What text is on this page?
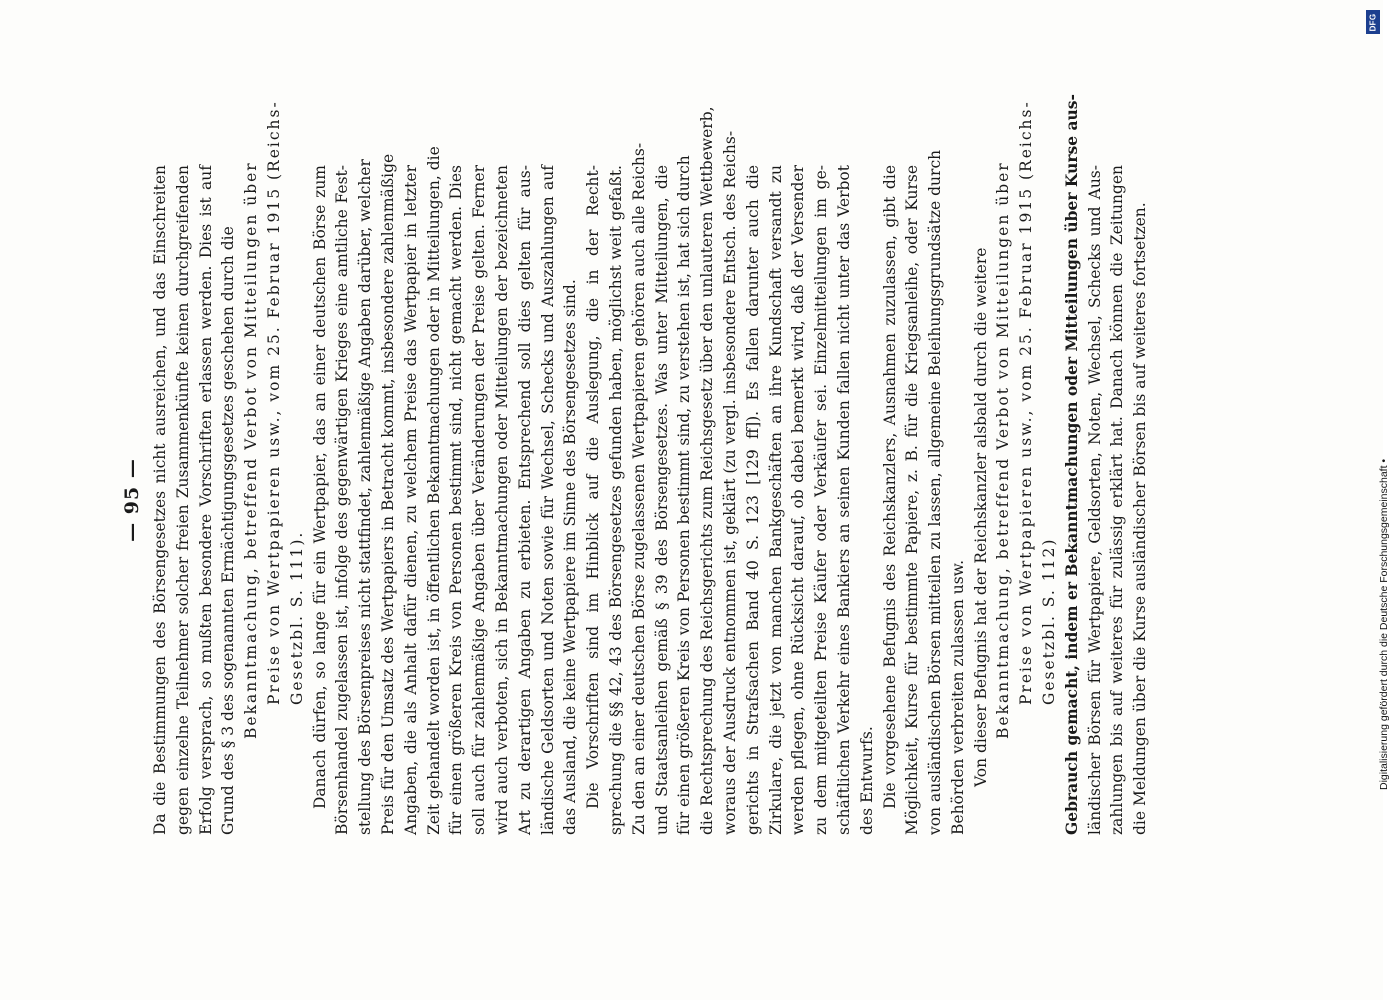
— 95 — Da die Bestimmungen des Börsengesetzes nicht ausreichen, und das Einschreiten gegen einzelne Teilnehmer solcher freien Zusammenkünfte keinen durchgreifenden Erfolg versprach, so mußten besondere Vorschriften erlassen werden. Dies ist auf Grund des § 3 des sogenannten Ermächtigungsgesetzes geschehen durch die Bekanntmachung, betreffend Verbot von Mitteilungen über Preise von Wertpapieren usw., vom 25. Februar 1915 (Reichs- Gesetzbl. S. 111). Danach dürfen, so lange für ein Wertpapier, das an einer deutschen Börse zum Börsenhandel zugelassen ist, infolge des gegenwärtigen Krieges eine amtliche Fest- stellung des Börsenpreises nicht stattfindet, zahlenmäßige Angaben darüber, welcher Preis für den Umsatz des Wertpapiers in Betracht kommt, insbesondere zahlenmäßige Angaben, die als Anhalt dafür dienen, zu welchem Preise das Wertpapier in letzter Zeit gehandelt worden ist, in öffentlichen Bekanntmachungen oder in Mitteilungen, die für einen größeren Kreis von Personen bestimmt sind, nicht gemacht werden. Dies soll auch für zahlenmäßige Angaben über Veränderungen der Preise gelten. Ferner wird auch verboten, sich in Bekanntmachungen oder Mitteilungen der bezeichneten Art zu derartigen Angaben zu erbieten. Entsprechend soll dies gelten für aus- ländische Geldsorten und Noten sowie für Wechsel, Schecks und Auszahlungen auf das Ausland, die keine Wertpapiere im Sinne des Börsengesetzes sind. Die Vorschriften sind im Hinblick auf die Auslegung, die in der Recht- sprechung die §§ 42, 43 des Börsengesetzes gefunden haben, möglichst weit gefaßt. Zu den an einer deutschen Börse zugelassenen Wertpapieren gehören auch alle Reichs- und Staatsanleihen gemäß § 39 des Börsengesetzes. Was unter Mitteilungen, die für einen größeren Kreis von Personen bestimmt sind, zu verstehen ist, hat sich durch die Rechtsprechung des Reichsgerichts zum Reichsgesetz über den unlauteren Wettbewerb, woraus der Ausdruck entnommen ist, geklärt (zu vergl. insbesondere Entsch. des Reichs- gerichts in Strafsachen Band 40 S. 123 [129 ff]). Es fallen darunter auch die Zirkulare, die jetzt von manchen Bankgeschäften an ihre Kundschaft versandt zu werden pflegen, ohne Rücksicht darauf, ob dabei bemerkt wird, daß der Versender zu dem mitgeteilten Preise Käufer oder Verkäufer sei. Einzelmitteilungen im ge- schäftlichen Verkehr eines Bankiers an seinen Kunden fallen nicht unter das Verbot des Entwurfs. Die vorgesehene Befugnis des Reichskanzlers, Ausnahmen zuzulassen, gibt die Möglichkeit, Kurse für bestimmte Papiere, z. B. für die Kriegsanleihe, oder Kurse von ausländischen Börsen mitteilen zu lassen, allgemeine Beleihungsgrundsätze durch Behörden verbreiten zulassen usw. Von dieser Befugnis hat der Reichskanzler alsbald durch die weitere Bekanntmachung, betreffend Verbot von Mitteilungen über Preise von Wertpapieren usw., vom 25. Februar 1915 (Reichs- Gesetzbl. S. 112) Gebrauch gemacht, indem er Bekanntmachungen oder Mitteilungen über Kurse aus- ländischer Börsen für Wertpapiere, Geldsorten, Noten, Wechsel, Schecks und Aus- zahlungen bis auf weiteres für zulässig erklärt hat. Danach können die Zeitungen die Meldungen über die Kurse ausländischer Börsen bis auf weiteres fortsetzen.	Digitalisierung gefördert durch die Deutsche Forschungsgemeinschaft •
DFG
